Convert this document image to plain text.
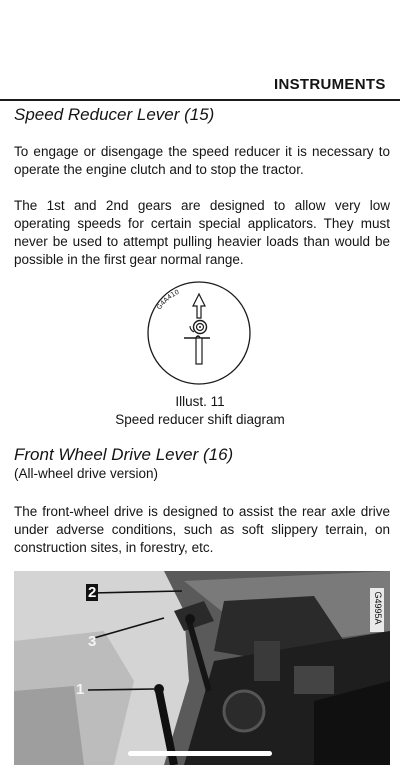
INSTRUMENTS
Speed Reducer Lever (15)
To engage or disengage the speed reducer it is necessary to operate the engine clutch and to stop the tractor.
The 1st and 2nd gears are designed to allow very low operating speeds for certain special applicators. They must never be used to attempt pulling heavier loads than would be possible in the first gear normal range.
G4A410
Illust. 11
Speed reducer shift diagram
Front Wheel Drive Lever (16)
(All-wheel drive version)
The front-wheel drive is designed to assist the rear axle drive under adverse conditions, such as soft slippery terrain, on construction sites, in forestry, etc.
2
3
1
G4995A
